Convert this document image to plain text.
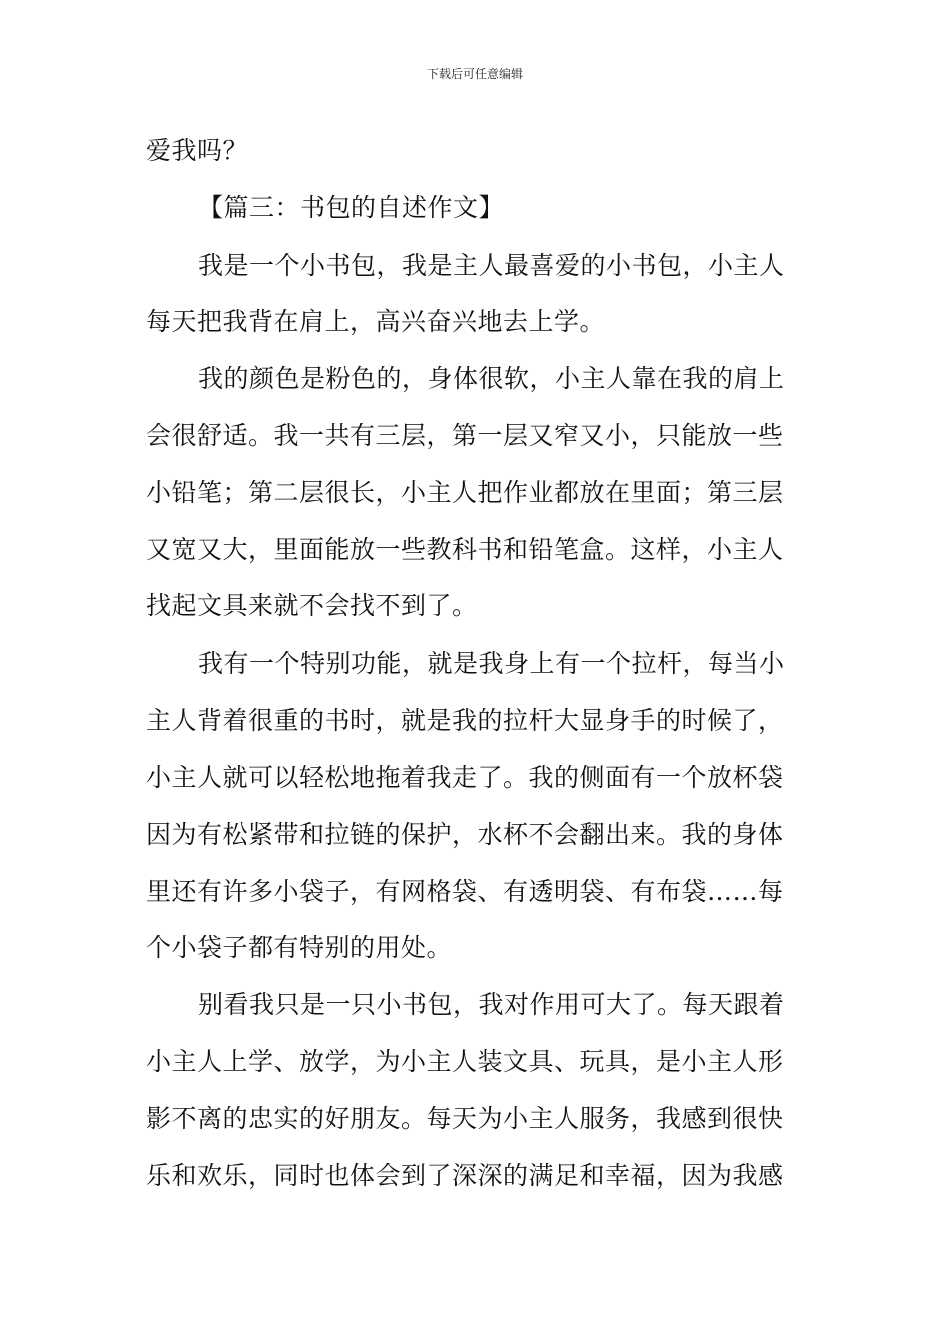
下载后可任意编辑
爱我吗？
【篇三：书包的自述作文】
我是一个小书包，我是主人最喜爱的小书包，小主人
每天把我背在肩上，高兴奋兴地去上学。
我的颜色是粉色的，身体很软，小主人靠在我的肩上
会很舒适。我一共有三层，第一层又窄又小，只能放一些
小铅笔；第二层很长，小主人把作业都放在里面；第三层
又宽又大，里面能放一些教科书和铅笔盒。这样，小主人
找起文具来就不会找不到了。
我有一个特别功能，就是我身上有一个拉杆，每当小
主人背着很重的书时，就是我的拉杆大显身手的时候了，
小主人就可以轻松地拖着我走了。我的侧面有一个放杯袋
因为有松紧带和拉链的保护，水杯不会翻出来。我的身体
里还有许多小袋子，有网格袋、有透明袋、有布袋……每
个小袋子都有特别的用处。
别看我只是一只小书包，我对作用可大了。每天跟着
小主人上学、放学，为小主人装文具、玩具，是小主人形
影不离的忠实的好朋友。每天为小主人服务，我感到很快
乐和欢乐，同时也体会到了深深的满足和幸福，因为我感
